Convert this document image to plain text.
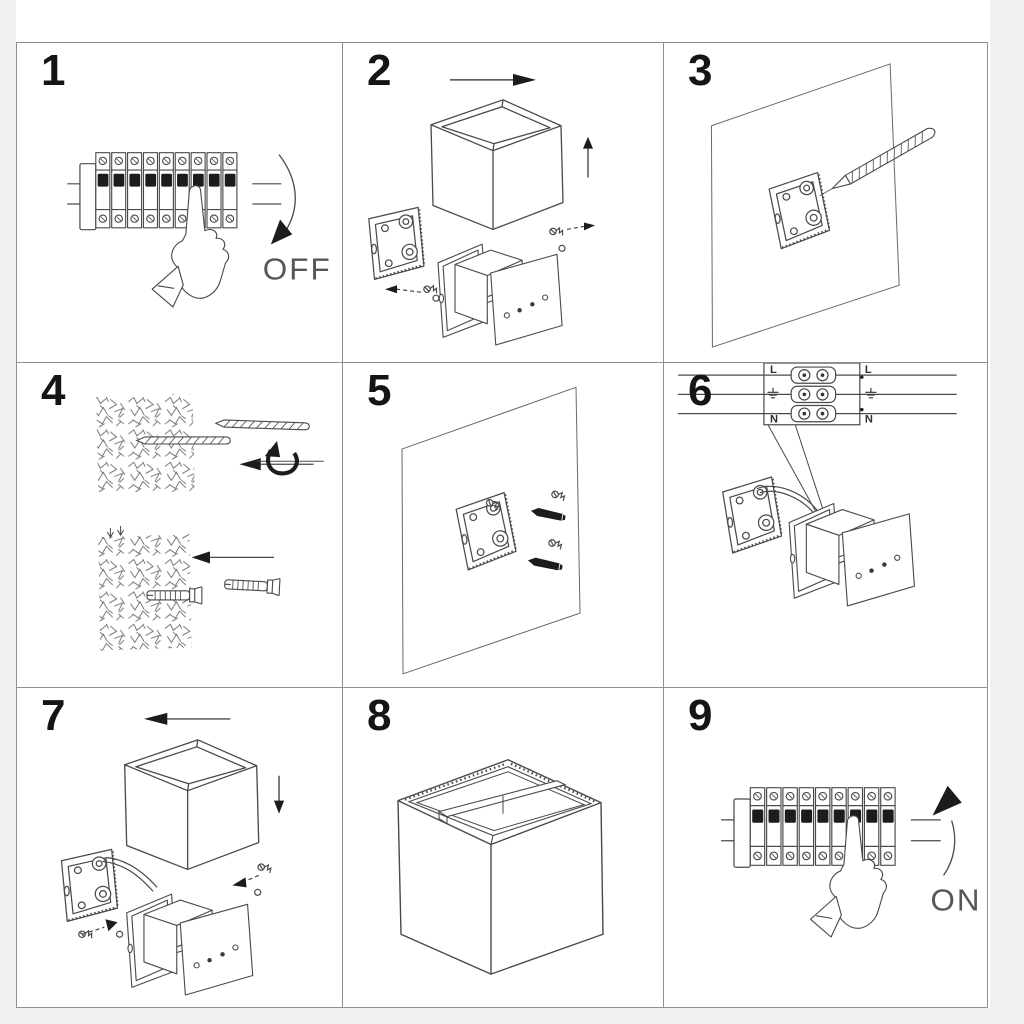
1
OFF
2	3
4	5	6	L
N
L
N
7	8	9
ON
